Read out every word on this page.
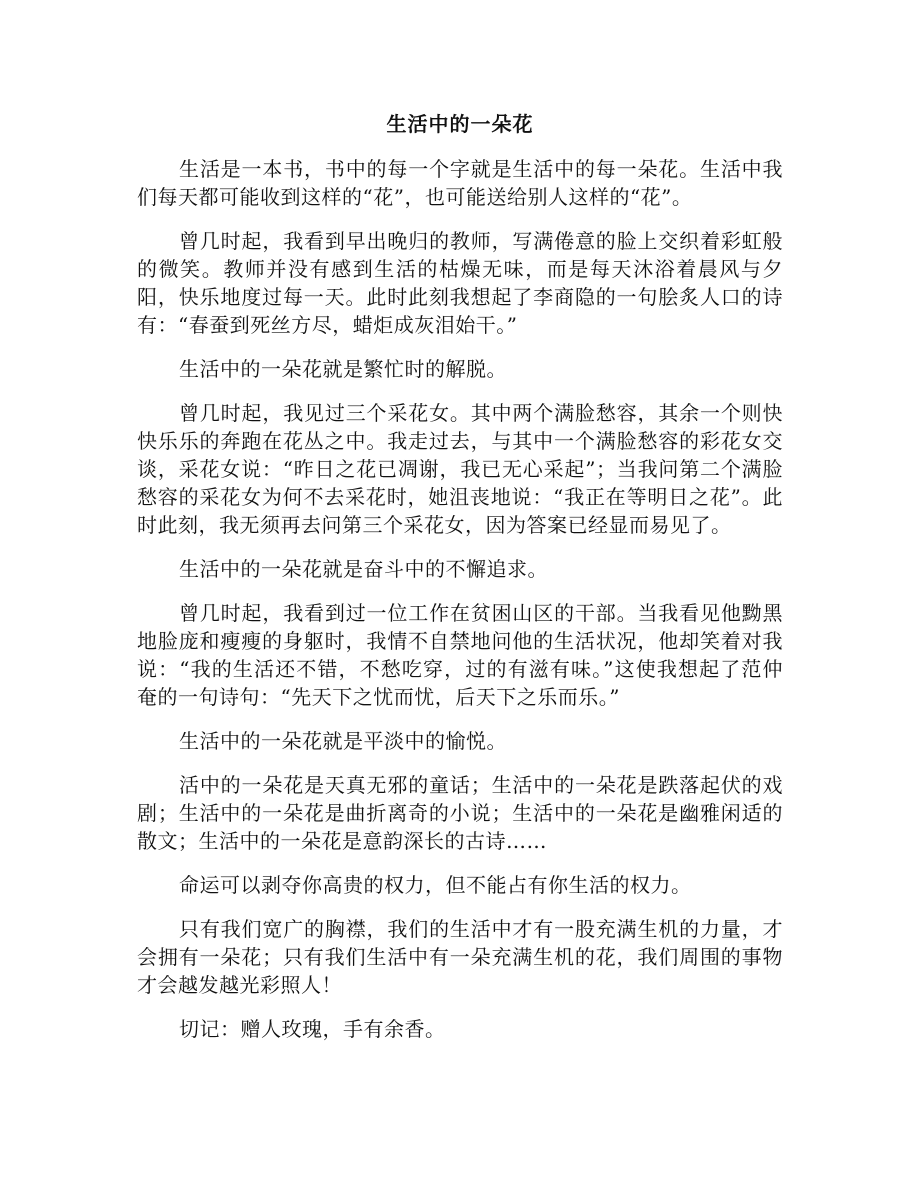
生活中的一朵花

生活是一本书，书中的每一个字就是生活中的每一朵花。生活中我们每天都可能收到这样的“花”，也可能送给别人这样的“花”。

曾几时起，我看到早出晚归的教师，写满倦意的脸上交织着彩虹般的微笑。教师并没有感到生活的枯燥无味，而是每天沐浴着晨风与夕阳，快乐地度过每一天。此时此刻我想起了李商隐的一句脍炙人口的诗有：“春蚕到死丝方尽，蜡炬成灰泪始干。”

生活中的一朵花就是繁忙时的解脱。

曾几时起，我见过三个采花女。其中两个满脸愁容，其余一个则快快乐乐的奔跑在花丛之中。我走过去，与其中一个满脸愁容的彩花女交谈，采花女说：“昨日之花已凋谢，我已无心采起”；当我问第二个满脸愁容的采花女为何不去采花时，她沮丧地说：“我正在等明日之花”。此时此刻，我无须再去问第三个采花女，因为答案已经显而易见了。

生活中的一朵花就是奋斗中的不懈追求。

曾几时起，我看到过一位工作在贫困山区的干部。当我看见他黝黑地脸庞和瘦瘦的身躯时，我情不自禁地问他的生活状况，他却笑着对我说：“我的生活还不错，不愁吃穿，过的有滋有味。”这使我想起了范仲奄的一句诗句：“先天下之忧而忧，后天下之乐而乐。”

生活中的一朵花就是平淡中的愉悦。

活中的一朵花是天真无邪的童话；生活中的一朵花是跌落起伏的戏剧；生活中的一朵花是曲折离奇的小说；生活中的一朵花是幽雅闲适的散文；生活中的一朵花是意韵深长的古诗……

命运可以剥夺你高贵的权力，但不能占有你生活的权力。

只有我们宽广的胸襟，我们的生活中才有一股充满生机的力量，才会拥有一朵花；只有我们生活中有一朵充满生机的花，我们周围的事物才会越发越光彩照人！

切记：赠人玫瑰，手有余香。
